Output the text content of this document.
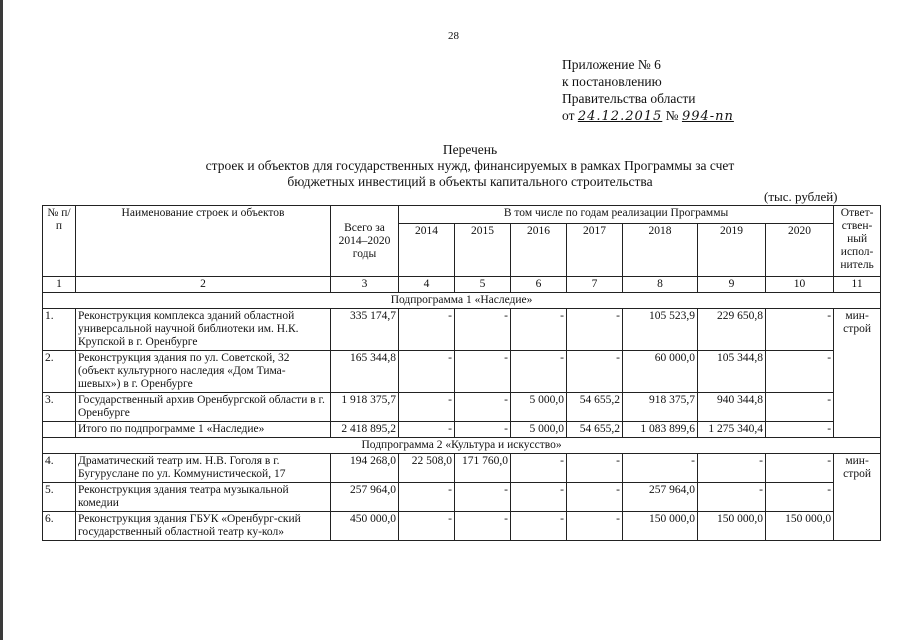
28
Приложение № 6
к постановлению
Правительства области
от 24.12.2015 № 994-пп
Перечень
строек и объектов для государственных нужд, финансируемых в рамках Программы за счет
бюджетных инвестиций в объекты капитального строительства
(тыс. рублей)
№ п/п	Наименование строек и объектов	Всего за 2014–2020 годы	В том числе по годам реализации Программы							Ответ-ствен-ный испол-нитель
			2014	2015	2016	2017	2018	2019	2020	
1	2	3	4	5	6	7	8	9	10	11
Подпрограмма 1 «Наследие»										
1.	Реконструкция комплекса зданий областной универсальной научной библиотеки им. Н.К. Крупской в г. Оренбурге	335 174,7	-	-	-	-	105 523,9	229 650,8	-	мин-строй
2.	Реконструкция здания по ул. Советской, 32 (объект культурного наследия «Дом Тима-шевых») в г. Оренбурге	165 344,8	-	-	-	-	60 000,0	105 344,8	-	
3.	Государственный архив Оренбургской области в г. Оренбурге	1 918 375,7	-	-	5 000,0	54 655,2	918 375,7	940 344,8	-	
	Итого по подпрограмме 1 «Наследие»	2 418 895,2	-	-	5 000,0	54 655,2	1 083 899,6	1 275 340,4	-	
Подпрограмма 2 «Культура и искусство»										
4.	Драматический театр им. Н.В. Гоголя в г. Бугуруслане по ул. Коммунистической, 17	194 268,0	22 508,0	171 760,0	-	-	-	-	-	мин-строй
5.	Реконструкция здания театра музыкальной комедии	257 964,0	-	-	-	-	257 964,0	-	-	
6.	Реконструкция здания ГБУК «Оренбург-ский государственный областной театр ку-кол»	450 000,0	-	-	-	-	150 000,0	150 000,0	150 000,0	
